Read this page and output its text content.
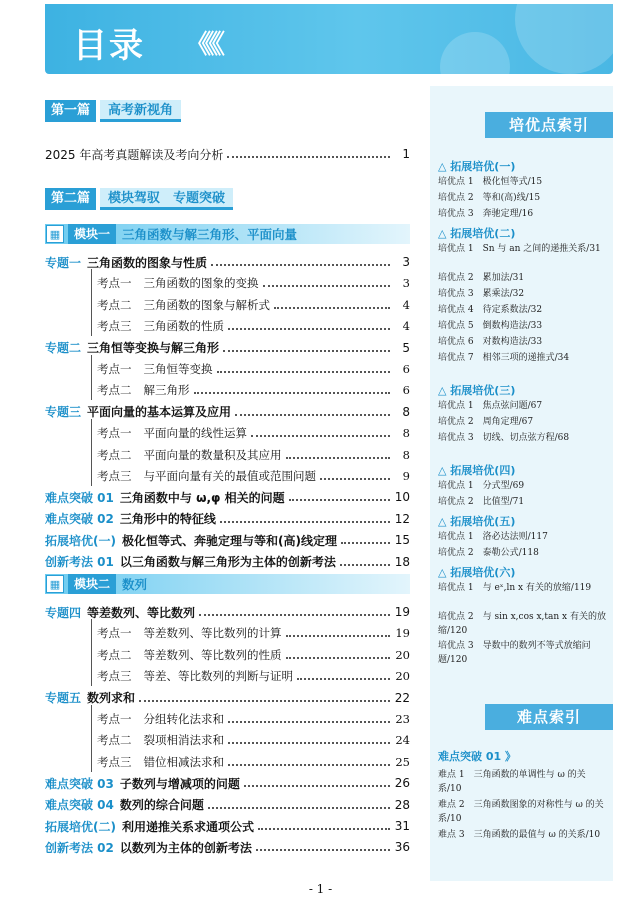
目录 《《《
第一篇	高考新视角
2025 年高考真题解读及考向分析	1
第二篇	模块驾驭　专题突破
▦	模块一 三角函数与解三角形、平面向量
▦	模块二 数列
专题一 三角函数的图象与性质	3
考点一 三角函数的图象的变换	3
考点二 三角函数的图象与解析式	4
考点三 三角函数的性质	4
专题二 三角恒等变换与解三角形	5
考点一 三角恒等变换	6
考点二 解三角形	6
专题三 平面向量的基本运算及应用	8
考点一 平面向量的线性运算	8
考点二 平面向量的数量积及其应用	8
考点三 与平面向量有关的最值或范围问题	9
难点突破 01 三角函数中与 ω,φ 相关的问题	10
难点突破 02 三角形中的特征线	12
拓展培优(一) 极化恒等式、奔驰定理与等和(高)线定理	15
创新考法 01 以三角函数与解三角形为主体的创新考法	18
专题四 等差数列、等比数列	19
考点一 等差数列、等比数列的计算	19
考点二 等差数列、等比数列的性质	20
考点三 等差、等比数列的判断与证明	20
专题五 数列求和	22
考点一 分组转化法求和	23
考点二 裂项相消法求和	24
考点三 错位相减法求和	25
难点突破 03 子数列与增减项的问题	26
难点突破 04 数列的综合问题	28
拓展培优(二) 利用递推关系求通项公式	31
创新考法 02 以数列为主体的创新考法	36
培优点索引
难点索引
难点突破 01 》
△ 拓展培优(一)
培优点 1　极化恒等式/15
培优点 2　等和(高)线/15
培优点 3　奔驰定理/16
△ 拓展培优(二)
培优点 1　Sn 与 an 之间的递推关系/31
培优点 2　累加法/31
培优点 3　累乘法/32
培优点 4　待定系数法/32
培优点 5　倒数构造法/33
培优点 6　对数构造法/33
培优点 7　相邻三项的递推式/34
△ 拓展培优(三)
培优点 1　焦点弦问题/67
培优点 2　周角定理/67
培优点 3　切线、切点弦方程/68
△ 拓展培优(四)
培优点 1　分式型/69
培优点 2　比值型/71
△ 拓展培优(五)
培优点 1　洛必达法则/117
培优点 2　泰勒公式/118
△ 拓展培优(六)
培优点 1　与 eˣ,ln x 有关的放缩/119
培优点 2　与 sin x,cos x,tan x 有关的放缩/120
培优点 3　导数中的数列不等式放缩问题/120
难点 1　三角函数的单调性与 ω 的关系/10
难点 2　三角函数图象的对称性与 ω 的关系/10
难点 3　三角函数的最值与 ω 的关系/10
- 1 -
